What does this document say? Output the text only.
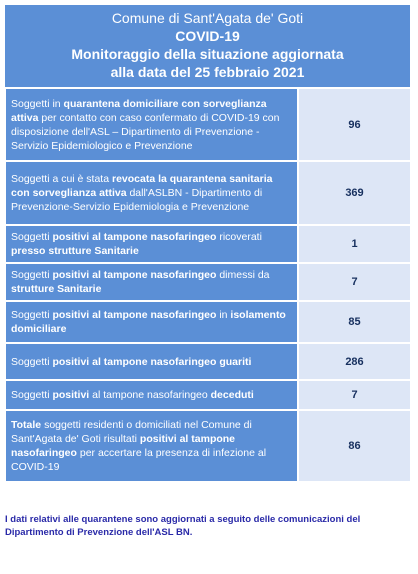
Comune di Sant'Agata de' Goti
COVID-19
Monitoraggio della situazione aggiornata
alla data del 25 febbraio 2021
Soggetti in quarantena domiciliare con sorveglianza attiva per contatto con caso confermato di COVID-19 con disposizione dell'ASL – Dipartimento di Prevenzione - Servizio Epidemiologico e Prevenzione
96
Soggetti a cui è stata revocata la quarantena sanitaria con sorveglianza attiva dall'ASLBN - Dipartimento di Prevenzione-Servizio Epidemiologia e Prevenzione
369
Soggetti positivi al tampone nasofaringeo ricoverati presso strutture Sanitarie
1
Soggetti positivi al tampone nasofaringeo dimessi da strutture Sanitarie
7
Soggetti positivi al tampone nasofaringeo in isolamento domiciliare
85
Soggetti positivi al tampone nasofaringeo guariti	286
Soggetti positivi al tampone nasofaringeo deceduti	7
Totale soggetti residenti o domiciliati nel Comune di Sant'Agata de' Goti risultati positivi al tampone nasofaringeo per accertare la presenza di infezione al COVID-19
86
I dati relativi alle quarantene sono aggiornati a seguito delle comunicazioni del Dipartimento di Prevenzione dell'ASL BN.
